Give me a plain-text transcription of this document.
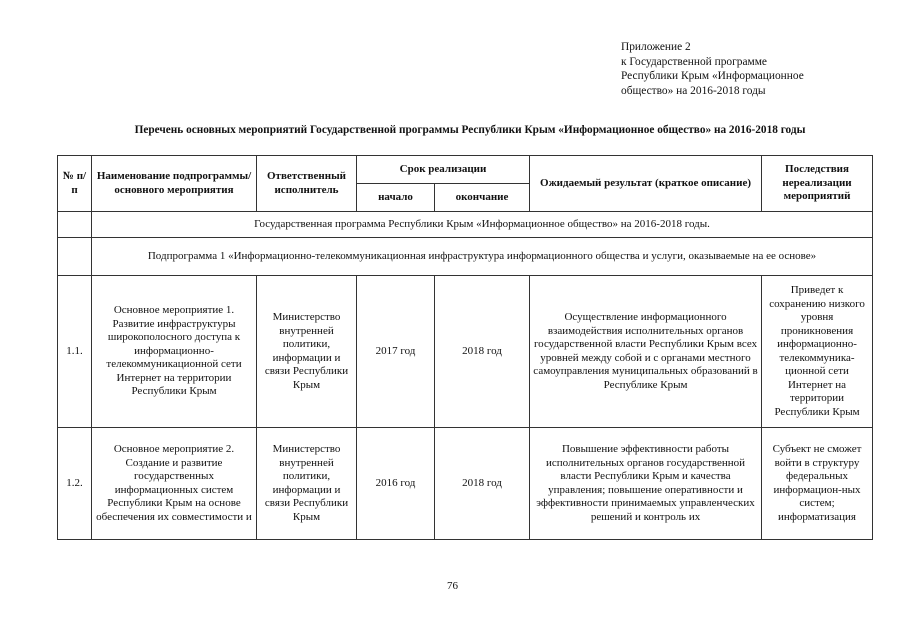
Приложение 2
к Государственной программе
Республики Крым «Информационное
общество» на 2016-2018 годы
Перечень основных мероприятий Государственной программы Республики Крым «Информационное общество» на 2016-2018 годы
№ п/п	Наименование подпрограммы/основного мероприятия	Ответственный исполнитель	Срок реализации		Ожидаемый результат (краткое описание)	Последствия нереализации мероприятий
			начало	окончание		
	Государственная программа Республики Крым «Информационное общество» на 2016-2018 годы.					
	Подпрограмма 1 «Информационно-телекоммуникационная инфраструктура информационного общества и услуги, оказываемые на ее основе»					
1.1.	Основное мероприятие 1. Развитие инфраструктуры широкополосного доступа к информационно-телекоммуникационной сети Интернет на территории Республики Крым	Министерство внутренней политики, информации и связи Республики Крым	2017 год	2018 год	Осуществление информационного взаимодействия исполнительных органов государственной власти Республики Крым всех уровней между собой и с органами местного самоуправления муниципальных образований в Республике Крым	Приведет к сохранению низкого уровня проникновения информационно-телекоммуника-ционной сети Интернет на территории Республики Крым
1.2.	Основное мероприятие 2. Создание и развитие государственных информационных систем Республики Крым на основе обеспечения их совместимости и	Министерство внутренней политики, информации и связи Республики Крым	2016 год	2018 год	Повышение эффективности работы исполнительных органов государственной власти Республики Крым и качества управления; повышение оперативности и эффективности принимаемых управленческих решений и контроль их	Субъект не сможет войти в структуру федеральных информацион-ных систем; информатизация
76
